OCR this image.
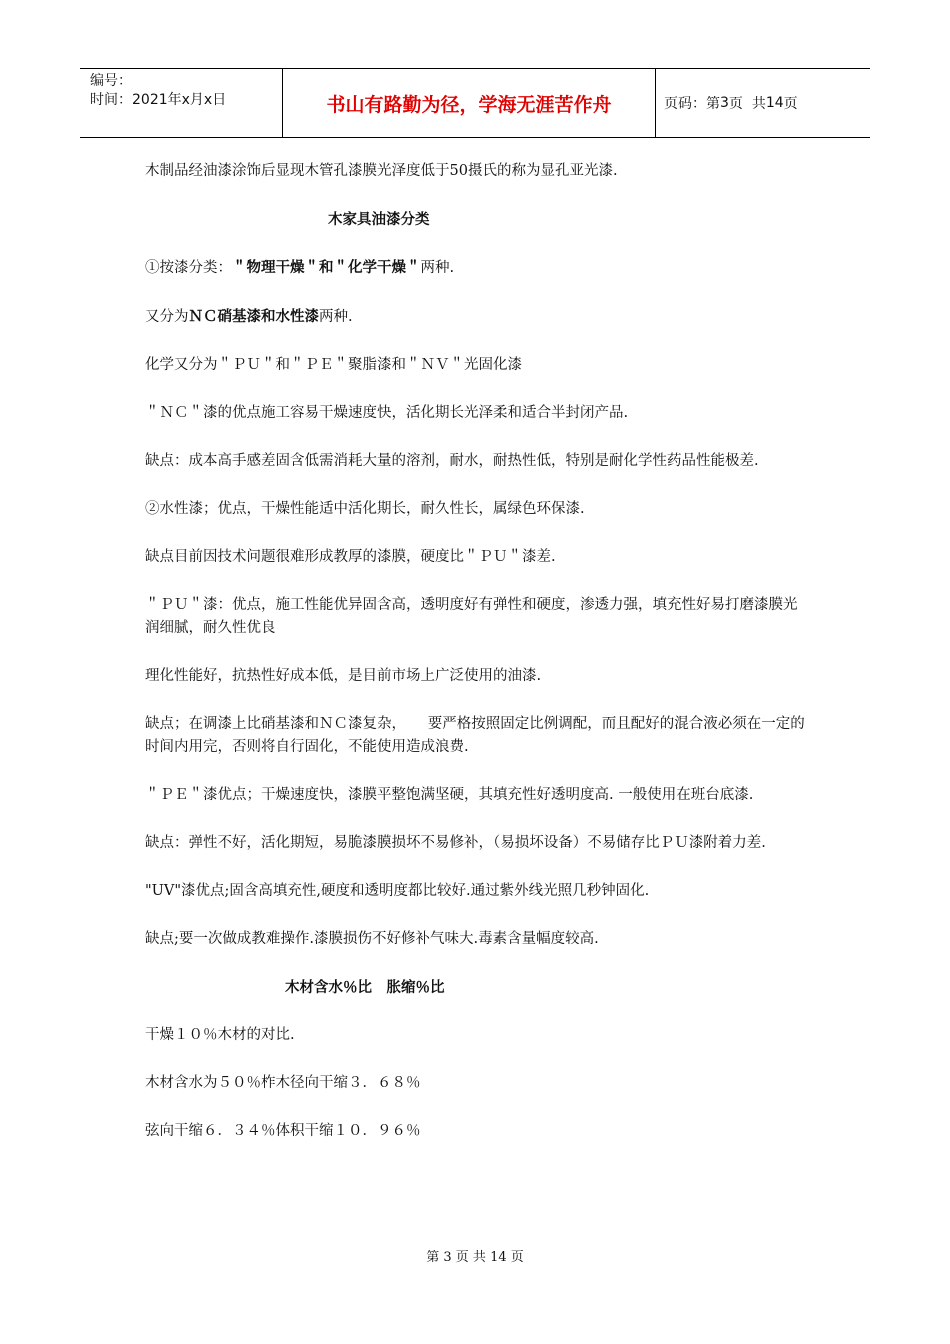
编号：
时间：2021年x月x日	书山有路勤为径，学海无涯苦作舟	页码：第 3 页  共 14 页

木制品经油漆涂饰后显现木管孔漆膜光泽度低于50摄氏的称为显孔亚光漆.

木家具油漆分类

①按漆分类：＂物理干燥＂和＂化学干燥＂两种.

又分为ＮＣ硝基漆和水性漆两种.

化学又分为＂ＰＵ＂和＂ＰＥ＂聚脂漆和＂ＮＶ＂光固化漆

＂ＮＣ＂漆的优点施工容易干燥速度快，活化期长光泽柔和适合半封闭产品.

缺点：成本高手感差固含低需消耗大量的溶剂，耐水，耐热性低，特别是耐化学性药品性能极差.

②水性漆；优点，干燥性能适中活化期长，耐久性长，属绿色环保漆.

缺点目前因技术问题很难形成教厚的漆膜，硬度比＂ＰＵ＂漆差.

＂ＰＵ＂漆：优点，施工性能优异固含高，透明度好有弹性和硬度，渗透力强，填充性好易打磨漆膜光润细腻，耐久性优良

理化性能好，抗热性好成本低，是目前市场上广泛使用的油漆.

缺点；在调漆上比硝基漆和ＮＣ漆复杂，　　要严格按照固定比例调配，而且配好的混合液必须在一定的时间内用完，否则将自行固化，不能使用造成浪费.

＂ＰＥ＂漆优点；干燥速度快，漆膜平整饱满坚硬，其填充性好透明度高. 一般使用在班台底漆.

缺点：弹性不好，活化期短，易脆漆膜损坏不易修补，（易损坏设备）不易储存比ＰＵ漆附着力差.

"UV"漆优点;固含高填充性,硬度和透明度都比较好.通过紫外线光照几秒钟固化.

缺点;要一次做成教难操作.漆膜损伤不好修补气味大.毒素含量幅度较高.

木材含水％比　胀缩％比

干燥１０％木材的对比.

木材含水为５０％柞木径向干缩３．６８％

弦向干缩６．３４％体积干缩１０．９６％

第 3 页 共 14 页
